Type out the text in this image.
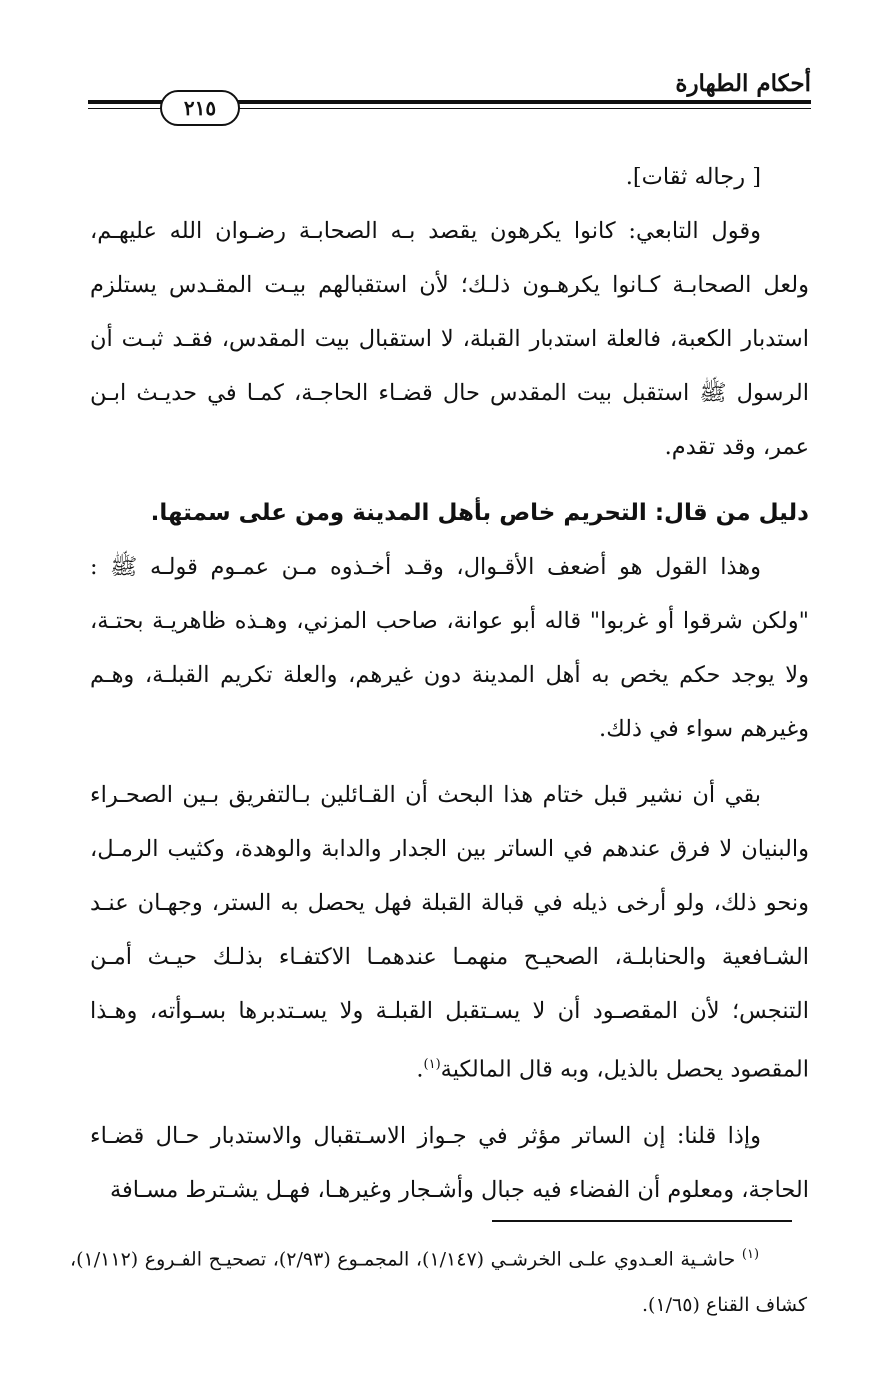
أحكام الطهارة
٢١٥

[ رجاله ثقات].

وقول التابعي: كانوا يكرهون يقصد بـه الصحابـة رضـوان الله عليهـم، ولعل الصحابـة كـانوا يكرهـون ذلـك؛ لأن استقبالهم بيـت المقـدس يستلزم استدبار الكعبة، فالعلة استدبار القبلة، لا استقبال بيت المقدس، فقـد ثبـت أن الرسول ﷺ استقبل بيت المقدس حال قضـاء الحاجـة، كمـا في حديـث ابـن عمر، وقد تقدم.

دليل من قال: التحريم خاص بأهل المدينة ومن على سمتها.

وهذا القول هو أضعف الأقـوال، وقـد أخـذوه مـن عمـوم قولـه ﷺ : "ولكن شرقوا أو غربوا" قاله أبو عوانة، صاحب المزني، وهـذه ظاهريـة بحتـة، ولا يوجد حكم يخص به أهل المدينة دون غيرهم، والعلة تكريم القبلـة، وهـم وغيرهم سواء في ذلك.

بقي أن نشير قبل ختام هذا البحث أن القـائلين بـالتفريق بـين الصحـراء والبنيان لا فرق عندهم في الساتر بين الجدار والدابة والوهدة، وكثيب الرمـل، ونحو ذلك، ولو أرخى ذيله في قبالة القبلة فهل يحصل به الستر، وجهـان عنـد الشـافعية والحنابلـة، الصحيـح منهمـا عندهمـا الاكتفـاء بذلـك حيـث أمـن التنجس؛ لأن المقصـود أن لا يسـتقبل القبلـة ولا يسـتدبرها بسـوأته، وهـذا المقصود يحصل بالذيل، وبه قال المالكية$^{(١)}$.

وإذا قلنا: إن الساتر مؤثر في جـواز الاسـتقبال والاستدبار حـال قضـاء الحاجة، ومعلوم أن الفضاء فيه جبال وأشـجار وغيرهـا، فهـل يشـترط مسـافة

$^{(١)}$ حاشـية العـدوي علـى الخرشـي (١/١٤٧)، المجمـوع (٢/٩٣)، تصحيـح الفـروع (١/١١٢)، كشاف القناع (١/٦٥).
